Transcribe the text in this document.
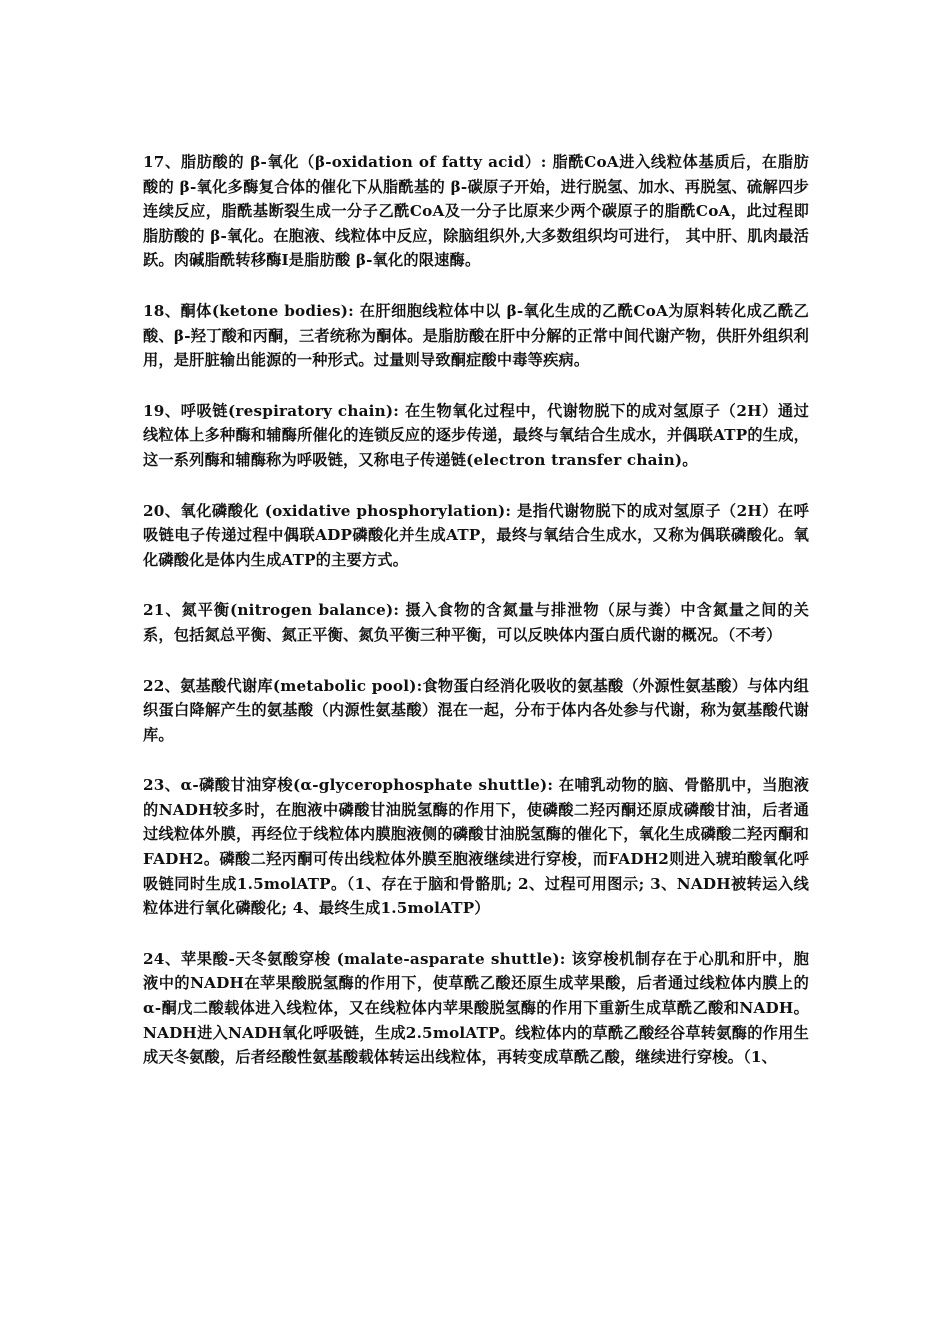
17、脂肪酸的 β-氧化（β-oxidation of fatty acid）: 脂酰CoA进入线粒体基质后，在脂肪酸的 β-氧化多酶复合体的催化下从脂酰基的 β-碳原子开始，进行脱氢、加水、再脱氢、硫解四步连续反应，脂酰基断裂生成一分子乙酰CoA及一分子比原来少两个碳原子的脂酰CoA，此过程即脂肪酸的 β-氧化。在胞液、线粒体中反应，除脑组织外,大多数组织均可进行， 其中肝、肌肉最活跃。肉碱脂酰转移酶Ⅰ是脂肪酸 β-氧化的限速酶。

18、酮体(ketone bodies): 在肝细胞线粒体中以 β-氧化生成的乙酰CoA为原料转化成乙酰乙酸、β-羟丁酸和丙酮，三者统称为酮体。是脂肪酸在肝中分解的正常中间代谢产物，供肝外组织利用，是肝脏输出能源的一种形式。过量则导致酮症酸中毒等疾病。

19、呼吸链(respiratory chain): 在生物氧化过程中，代谢物脱下的成对氢原子（2H）通过线粒体上多种酶和辅酶所催化的连锁反应的逐步传递，最终与氧结合生成水，并偶联ATP的生成，这一系列酶和辅酶称为呼吸链，又称电子传递链(electron transfer chain)。

20、氧化磷酸化 (oxidative phosphorylation): 是指代谢物脱下的成对氢原子（2H）在呼吸链电子传递过程中偶联ADP磷酸化并生成ATP，最终与氧结合生成水，又称为偶联磷酸化。氧化磷酸化是体内生成ATP的主要方式。

21、氮平衡(nitrogen balance): 摄入食物的含氮量与排泄物（尿与粪）中含氮量之间的关系，包括氮总平衡、氮正平衡、氮负平衡三种平衡，可以反映体内蛋白质代谢的概况。（不考）

22、氨基酸代谢库(metabolic pool):食物蛋白经消化吸收的氨基酸（外源性氨基酸）与体内组织蛋白降解产生的氨基酸（内源性氨基酸）混在一起，分布于体内各处参与代谢，称为氨基酸代谢库。

23、α-磷酸甘油穿梭(α-glycerophosphate shuttle): 在哺乳动物的脑、骨骼肌中，当胞液的NADH较多时，在胞液中磷酸甘油脱氢酶的作用下，使磷酸二羟丙酮还原成磷酸甘油，后者通过线粒体外膜，再经位于线粒体内膜胞液侧的磷酸甘油脱氢酶的催化下，氧化生成磷酸二羟丙酮和FADH2。磷酸二羟丙酮可传出线粒体外膜至胞液继续进行穿梭，而FADH2则进入琥珀酸氧化呼吸链同时生成1.5molATP。（1、存在于脑和骨骼肌; 2、过程可用图示; 3、NADH被转运入线粒体进行氧化磷酸化; 4、最终生成1.5molATP）

24、苹果酸-天冬氨酸穿梭 (malate-asparate shuttle): 该穿梭机制存在于心肌和肝中，胞液中的NADH在苹果酸脱氢酶的作用下，使草酰乙酸还原生成苹果酸，后者通过线粒体内膜上的 α-酮戊二酸载体进入线粒体，又在线粒体内苹果酸脱氢酶的作用下重新生成草酰乙酸和NADH。NADH进入NADH氧化呼吸链，生成2.5molATP。线粒体内的草酰乙酸经谷草转氨酶的作用生成天冬氨酸，后者经酸性氨基酸载体转运出线粒体，再转变成草酰乙酸，继续进行穿梭。（1、
